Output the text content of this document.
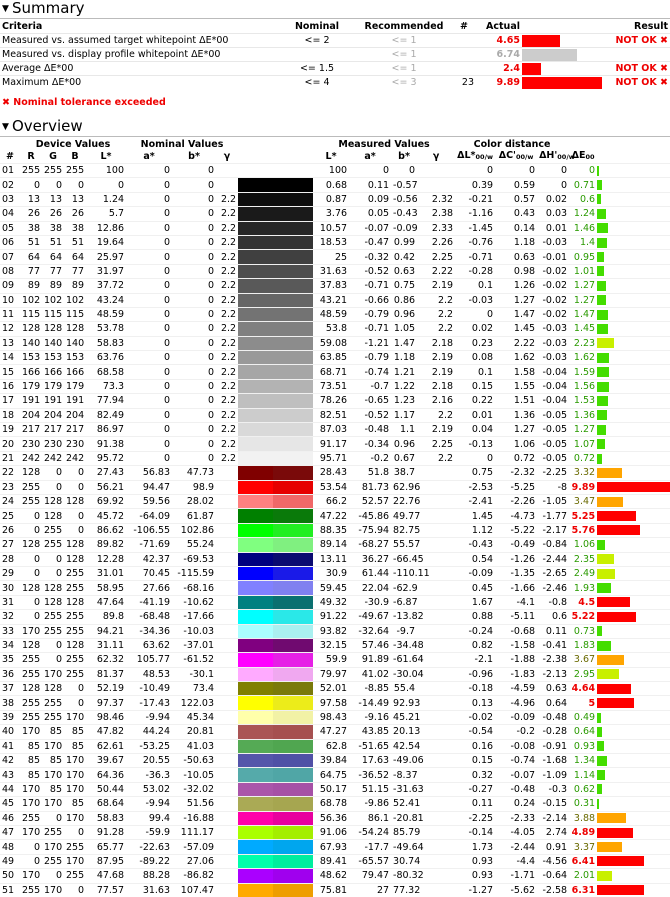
▼ Summary
Criteria	Nominal	Recommended	#	Actual		Result
Measured vs. assumed target whitepoint ΔE*00	<= 2	<= 1		4.65		NOT OK ✖
Measured vs. display profile whitepoint ΔE*00		<= 1		6.74	

Average ΔE*00	<= 1.5	<= 1		2.4		NOT OK ✖
Maximum ΔE*00	<= 4	<= 3	23	9.89		NOT OK ✖
✖ Nominal tolerance exceeded
▼ Overview
	Device Values				Nominal Values					Measured Values				Color distance				
#	R	G	B	L*	a*	b*	γ			L*	a*	b*	γ	$\Delta L*_{00/w}$	$\Delta C'_{00/w}$	$\Delta H'_{00/w}$	$\Delta E_{00}$	
01	255	255	255	100	0	0				100	0	0		0	0	0	0	

02	0	0	0	0	0	0				0.68	0.11	-0.57		0.39	0.59	0	0.71	

03	13	13	13	1.24	0	0	2.2			0.87	0.09	-0.56	2.32	-0.21	0.57	0.02	0.6	

04	26	26	26	5.7	0	0	2.2			3.76	0.05	-0.43	2.38	-1.16	0.43	0.03	1.24	

05	38	38	38	12.86	0	0	2.2			10.57	-0.07	-0.09	2.33	-1.45	0.14	0.01	1.46	

06	51	51	51	19.64	0	0	2.2			18.53	-0.47	0.99	2.26	-0.76	1.18	-0.03	1.4	

07	64	64	64	25.97	0	0	2.2			25	-0.32	0.42	2.25	-0.71	0.63	-0.01	0.95	

08	77	77	77	31.97	0	0	2.2			31.63	-0.52	0.63	2.22	-0.28	0.98	-0.02	1.01	

09	89	89	89	37.72	0	0	2.2			37.83	-0.71	0.75	2.19	0.1	1.26	-0.02	1.27	

10	102	102	102	43.24	0	0	2.2			43.21	-0.66	0.86	2.2	-0.03	1.27	-0.02	1.27	

11	115	115	115	48.59	0	0	2.2			48.59	-0.79	0.96	2.2	0	1.47	-0.02	1.47	

12	128	128	128	53.78	0	0	2.2			53.8	-0.71	1.05	2.2	0.02	1.45	-0.03	1.45	

13	140	140	140	58.83	0	0	2.2			59.08	-1.21	1.47	2.18	0.23	2.22	-0.03	2.23	

14	153	153	153	63.76	0	0	2.2			63.85	-0.79	1.18	2.19	0.08	1.62	-0.03	1.62	

15	166	166	166	68.58	0	0	2.2			68.71	-0.74	1.21	2.19	0.1	1.58	-0.04	1.59	

16	179	179	179	73.3	0	0	2.2			73.51	-0.7	1.22	2.18	0.15	1.55	-0.04	1.56	

17	191	191	191	77.94	0	0	2.2			78.26	-0.65	1.23	2.16	0.22	1.51	-0.04	1.53	

18	204	204	204	82.49	0	0	2.2			82.51	-0.52	1.17	2.2	0.01	1.36	-0.05	1.36	

19	217	217	217	86.97	0	0	2.2			87.03	-0.48	1.1	2.19	0.04	1.27	-0.05	1.27	

20	230	230	230	91.38	0	0	2.2			91.17	-0.34	0.96	2.25	-0.13	1.06	-0.05	1.07	

21	242	242	242	95.72	0	0	2.2			95.71	-0.2	0.67	2.2	0	0.72	-0.05	0.72	

22	128	0	0	27.43	56.83	47.73				28.43	51.8	38.7		0.75	-2.32	-2.25	3.32	

23	255	0	0	56.21	94.47	98.9				53.54	81.73	62.96		-2.53	-5.25	-8	9.89	

24	255	128	128	69.92	59.56	28.02				66.2	52.57	22.76		-2.41	-2.26	-1.05	3.47	

25	0	128	0	45.72	-64.09	61.87				47.22	-45.86	49.77		1.45	-4.73	-1.77	5.25	

26	0	255	0	86.62	-106.55	102.86				88.35	-75.94	82.75		1.12	-5.22	-2.17	5.76	

27	128	255	128	89.82	-71.69	55.24				89.14	-68.27	55.57		-0.43	-0.49	-0.84	1.06	

28	0	0	128	12.28	42.37	-69.53				13.11	36.27	-66.45		0.54	-1.26	-2.44	2.35	

29	0	0	255	31.01	70.45	-115.59				30.9	61.44	-110.11		-0.09	-1.35	-2.65	2.49	

30	128	128	255	58.95	27.66	-68.16				59.45	22.04	-62.9		0.45	-1.66	-2.46	1.93	

31	0	128	128	47.64	-41.19	-10.62				49.32	-30.9	-6.87		1.67	-4.1	-0.8	4.5	

32	0	255	255	89.8	-68.48	-17.66				91.22	-49.67	-13.82		0.88	-5.11	0.6	5.22	

33	170	255	255	94.21	-34.36	-10.03				93.82	-32.64	-9.7		-0.24	-0.68	0.11	0.73	

34	128	0	128	31.11	63.62	-37.01				32.15	57.46	-34.48		0.82	-1.58	-0.41	1.83	

35	255	0	255	62.32	105.77	-61.52				59.9	91.89	-61.64		-2.1	-1.88	-2.38	3.67	

36	255	170	255	81.37	48.53	-30.1				79.97	41.02	-30.04		-0.96	-1.83	-2.13	2.95	

37	128	128	0	52.19	-10.49	73.4				52.01	-8.85	55.4		-0.18	-4.59	0.63	4.64	

38	255	255	0	97.37	-17.43	122.03				97.58	-14.49	92.93		0.13	-4.96	0.64	5	

39	255	255	170	98.46	-9.94	45.34				98.43	-9.16	45.21		-0.02	-0.09	-0.48	0.49	

40	170	85	85	47.82	44.24	20.81				47.27	43.85	20.13		-0.54	-0.2	-0.28	0.64	

41	85	170	85	62.61	-53.25	41.03				62.8	-51.65	42.54		0.16	-0.08	-0.91	0.93	

42	85	85	170	39.67	20.55	-50.63				39.84	17.63	-49.06		0.15	-0.74	-1.68	1.34	

43	85	170	170	64.36	-36.3	-10.05				64.75	-36.52	-8.37		0.32	-0.07	-1.09	1.14	

44	170	85	170	50.44	53.02	-32.02				50.17	51.15	-31.63		-0.27	-0.48	-0.3	0.62	

45	170	170	85	68.64	-9.94	51.56				68.78	-9.86	52.41		0.11	0.24	-0.15	0.31	

46	255	0	170	58.83	99.4	-16.88				56.36	86.1	-20.81		-2.25	-2.33	-2.14	3.88	

47	170	255	0	91.28	-59.9	111.17				91.06	-54.24	85.79		-0.14	-4.05	2.74	4.89	

48	0	170	255	65.77	-22.63	-57.09				67.93	-17.7	-49.64		1.73	-2.44	0.91	3.37	

49	0	255	170	87.95	-89.22	27.06				89.41	-65.57	30.74		0.93	-4.4	-4.56	6.41	

50	170	0	255	47.68	88.28	-86.82				48.62	79.47	-80.32		0.93	-1.71	-0.64	2.01	

51	255	170	0	77.57	31.63	107.47				75.81	27	77.32		-1.27	-5.62	-2.58	6.31	
